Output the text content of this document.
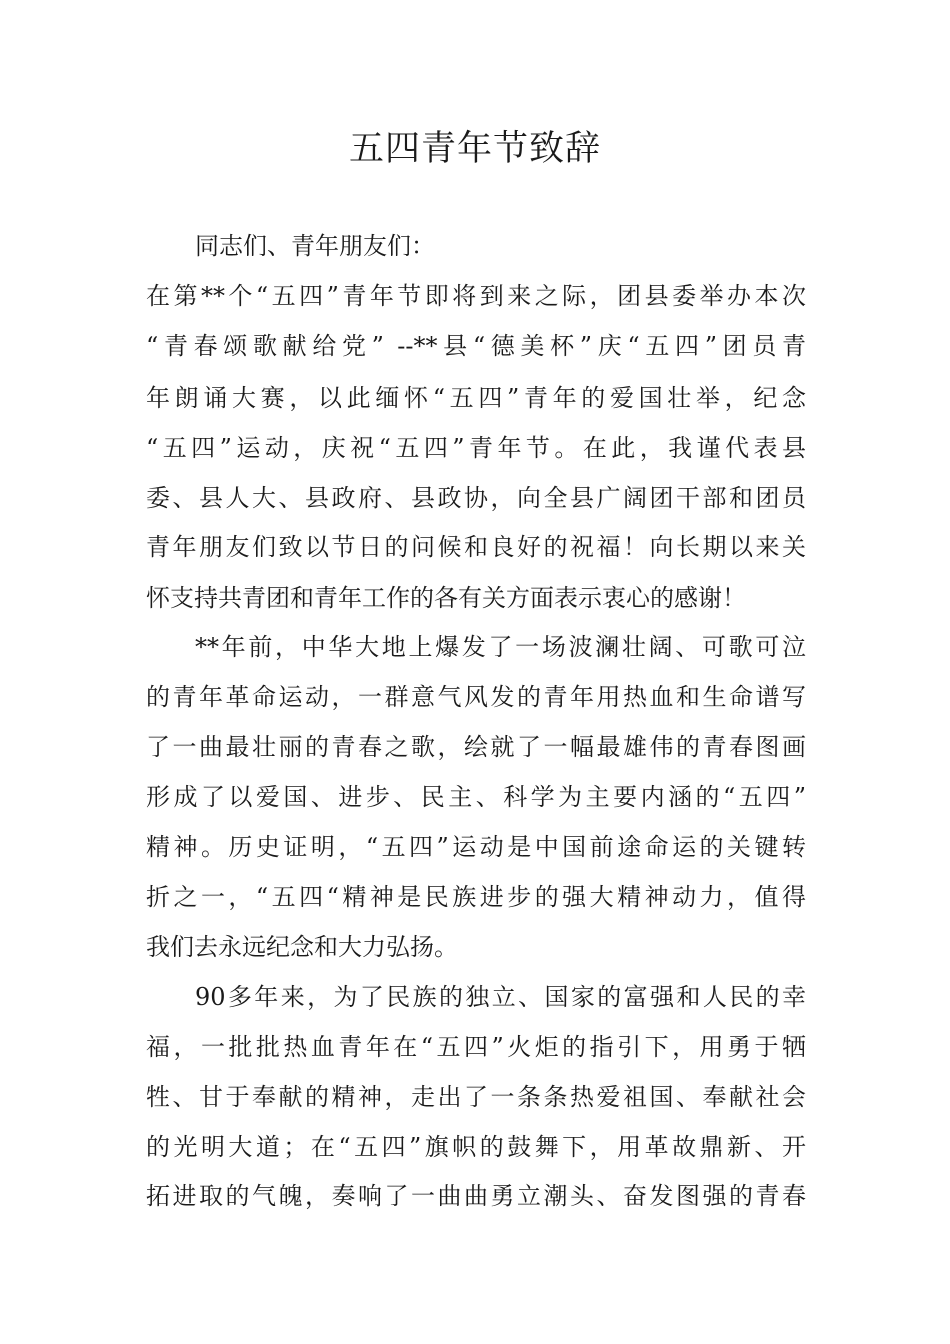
五四青年节致辞

同志们、青年朋友们：

在第**个“五四”青年节即将到来之际，团县委举办本次

“青春颂歌献给党” --**县“德美杯”庆“五四”团员青

年朗诵大赛，以此缅怀“五四”青年的爱国壮举，纪念

“五四”运动，庆祝“五四”青年节。在此，我谨代表县

委、县人大、县政府、县政协，向全县广阔团干部和团员

青年朋友们致以节日的问候和良好的祝福！向长期以来关

怀支持共青团和青年工作的各有关方面表示衷心的感谢！

**年前，中华大地上爆发了一场波澜壮阔、可歌可泣

的青年革命运动，一群意气风发的青年用热血和生命谱写

了一曲最壮丽的青春之歌，绘就了一幅最雄伟的青春图画

形成了以爱国、进步、民主、科学为主要内涵的“五四”

精神。历史证明，“五四”运动是中国前途命运的关键转

折之一，“五四“精神是民族进步的强大精神动力，值得

我们去永远纪念和大力弘扬。

90多年来，为了民族的独立、国家的富强和人民的幸

福，一批批热血青年在“五四”火炬的指引下，用勇于牺

牲、甘于奉献的精神，走出了一条条热爱祖国、奉献社会

的光明大道；在“五四”旗帜的鼓舞下，用革故鼎新、开

拓进取的气魄，奏响了一曲曲勇立潮头、奋发图强的青春
